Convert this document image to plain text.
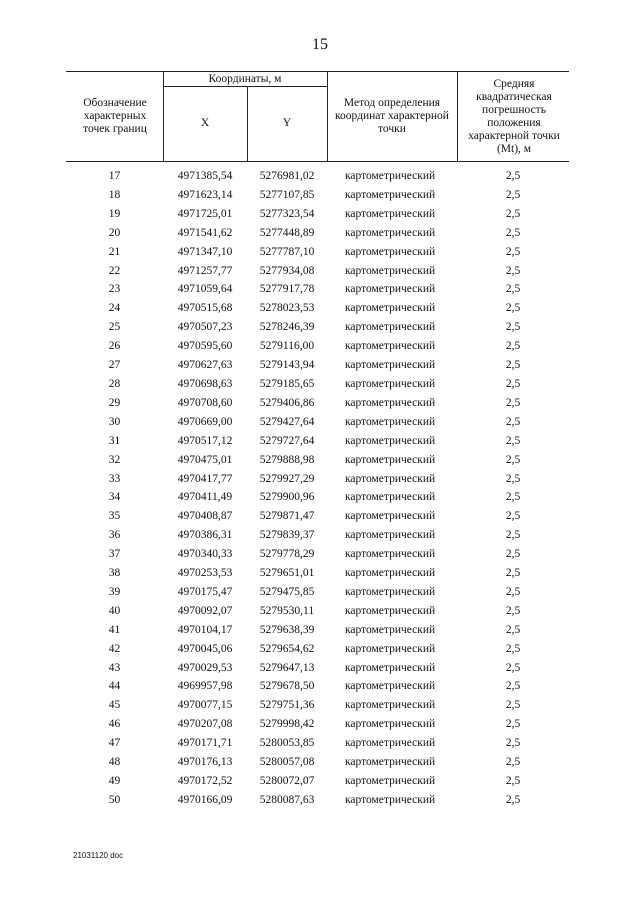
15
Обозначение характерных точек границ
Координаты, м
X	Y
Метод определения координат характерной точки
Средняя квадратическая погрешность положения характерной точки (Mt), м
17	4971385,54	5276981,02	картометрический	2,5
18	4971623,14	5277107,85	картометрический	2,5
19	4971725,01	5277323,54	картометрический	2,5
20	4971541,62	5277448,89	картометрический	2,5
21	4971347,10	5277787,10	картометрический	2,5
22	4971257,77	5277934,08	картометрический	2,5
23	4971059,64	5277917,78	картометрический	2,5
24	4970515,68	5278023,53	картометрический	2,5
25	4970507,23	5278246,39	картометрический	2,5
26	4970595,60	5279116,00	картометрический	2,5
27	4970627,63	5279143,94	картометрический	2,5
28	4970698,63	5279185,65	картометрический	2,5
29	4970708,60	5279406,86	картометрический	2,5
30	4970669,00	5279427,64	картометрический	2,5
31	4970517,12	5279727,64	картометрический	2,5
32	4970475,01	5279888,98	картометрический	2,5
33	4970417,77	5279927,29	картометрический	2,5
34	4970411,49	5279900,96	картометрический	2,5
35	4970408,87	5279871,47	картометрический	2,5
36	4970386,31	5279839,37	картометрический	2,5
37	4970340,33	5279778,29	картометрический	2,5
38	4970253,53	5279651,01	картометрический	2,5
39	4970175,47	5279475,85	картометрический	2,5
40	4970092,07	5279530,11	картометрический	2,5
41	4970104,17	5279638,39	картометрический	2,5
42	4970045,06	5279654,62	картометрический	2,5
43	4970029,53	5279647,13	картометрический	2,5
44	4969957,98	5279678,50	картометрический	2,5
45	4970077,15	5279751,36	картометрический	2,5
46	4970207,08	5279998,42	картометрический	2,5
47	4970171,71	5280053,85	картометрический	2,5
48	4970176,13	5280057,08	картометрический	2,5
49	4970172,52	5280072,07	картометрический	2,5
50	4970166,09	5280087,63	картометрический	2,5
21031120 doc
